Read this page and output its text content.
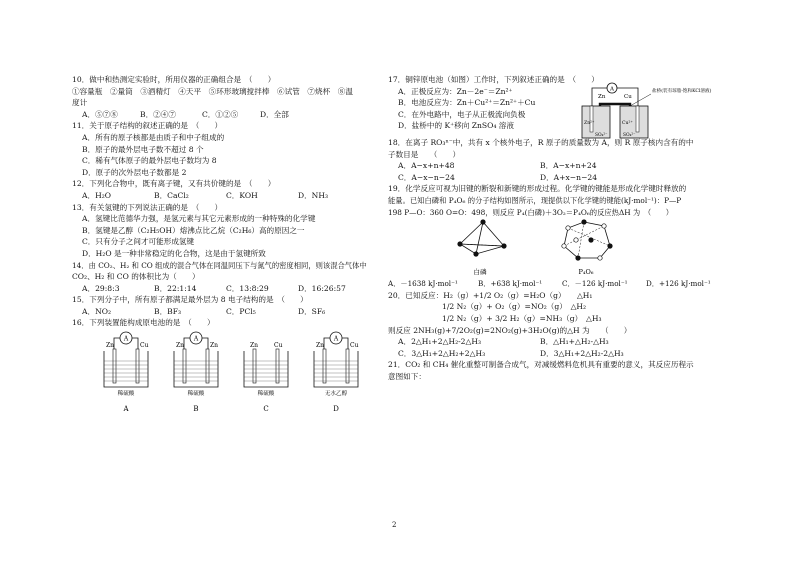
10．做中和热测定实验时，所用仪器的正确组合是　（　　）

①容量瓶　②量筒　③酒精灯　④天平　⑤环形玻璃搅拌棒　⑥试管　⑦烧杯　⑧温

度计

A．⑤⑦⑧	B．②④⑦	C．①②⑤	D．全部

11．关于原子结构的叙述正确的是　（　　）

A．所有的原子核都是由质子和中子组成的

B．原子的最外层电子数不超过 8 个

C．稀有气体原子的最外层电子数均为 8

D．原子的次外层电子数都是 2

12．下列化合物中，既有离子键，又有共价键的是　（　　）

A．H₂O	B．CaCl₂	C．KOH	D．NH₃

13．有关氢键的下列说法正确的是　（　　）

A．氢键比范德华力强，是氢元素与其它元素形成的一种特殊的化学键

B．氢键是乙醇（C₂H₅OH）熔沸点比乙烷（C₂H₆）高的原因之一

C．只有分子之间才可能形成氢键

D．H₂O 是一种非常稳定的化合物，这是由于氢键所致

14．由 CO₂、H₂ 和 CO 组成的混合气体在同温同压下与氮气的密度相同，则该混合气体中

CO₂、H₂ 和 CO 的体积比为（　　）

A．29:8:3	B．22:1:14	C．13:8:29	D．16:26:57

15．下列分子中，所有原子都满足最外层为 8 电子结构的是　（　　）

A．NO₂	B．BF₃	C．PCl₅	D．SF₆

16．下列装置能构成原电池的是　（　　）

A
Zn	Cu
稀硫酸
A
A
Zn	Zn
稀硫酸
B
Zn	Cu
稀硫酸
C
A
Zn	Cu
无水乙醇
D

17．铜锌原电池（如图）工作时，下列叙述正确的是　（　　）

A．正极反应为：Zn－2e⁻＝Zn²⁺

B．电池反应为：Zn＋Cu²⁺＝Zn²⁺＋Cu

C．在外电路中，电子从正极流向负极

D．盐桥中的 K⁺移向 ZnSO₄ 溶液

A
Zn	Cu
盐桥(装有琼脂-饱和KCl溶液)
Zn²⁺	Cu²⁺
SO₄²⁻	SO₄²⁻

18．在离子 RO₃ⁿ⁻中，共有 x 个核外电子，R 原子的质量数为 A，则 R 原子核内含有的中

子数目是　　（　　）

A．A−x+n+48	B．A−x+n+24

C．A−x−n−24	D．A+x−n−24

19．化学反应可视为旧键的断裂和新键的形成过程。化学键的键能是形成化学键时释放的

能量。已知白磷和 P₄O₆ 的分子结构如图所示，现提供以下化学键的键能(kJ·mol⁻¹)：P—P

198 P—O：360 O=O：498，则反应 P₄(白磷)＋3O₂＝P₄O₆的反应热ΔH 为　（　　）

白磷	P₄O₆

A．－1638 kJ·mol⁻¹	B．+638 kJ·mol⁻¹	C．－126 kJ·mol⁻¹	D．+126 kJ·mol⁻¹

20．已知反应：H₂（g）+1/2 O₂（g）=H₂O（g）　　△H₁

1/2 N₂（g）+ O₂（g）=NO₂（g）　△H₂

1/2 N₂（g）+ 3/2 H₂（g）=NH₃（g）　△H₃

则反应 2NH₃(g)+7/2O₂(g)=2NO₂(g)+3H₂O(g)的△H 为　　（　　）

A．2△H₁+2△H₂-2△H₃	B．△H₁+△H₂-△H₃

C．3△H₁+2△H₂+2△H₃	D．3△H₁+2△H₂-2△H₃

21．CO₂ 和 CH₄ 催化重整可制备合成气，对减缓燃料危机具有重要的意义，其反应历程示

意图如下：

2
